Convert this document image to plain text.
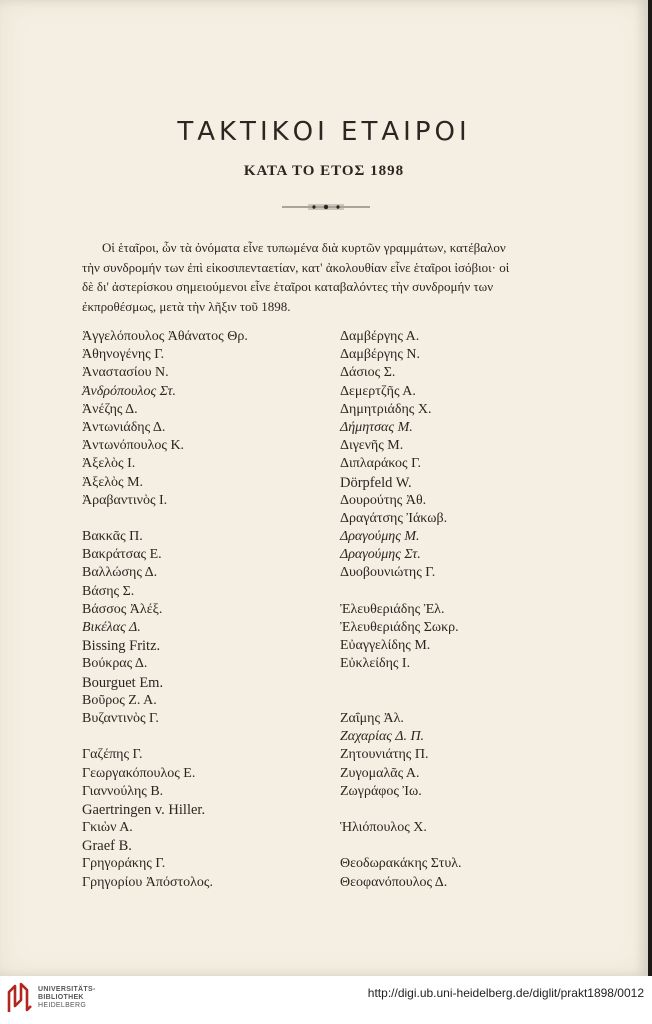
ΤΑΚΤΙΚΟΙ ΕΤΑΙΡΟΙ
ΚΑΤΑ ΤΟ ΕΤΟΣ 1898
Οἱ ἑταῖροι, ὧν τὰ ὀνόματα εἶνε τυπωμένα διὰ κυρτῶν γραμμάτων, κατέβαλον
τὴν συνδρομήν των ἐπὶ εἰκοσιπενταετίαν, κατ' ἀκολουθίαν εἶνε ἑταῖροι ἰσόβιοι· οἱ
δὲ δι' ἀστερίσκου σημειούμενοι εἶνε ἑταῖροι καταβαλόντες τὴν συνδρομήν των
ἐκπροθέσμως, μετὰ τὴν λῆξιν τοῦ 1898.
Ἀγγελόπουλος Ἀθάνατος Θρ.
Ἀθηνογένης Γ.
Ἀναστασίου Ν.
Ἀνδρόπουλος Στ.
Ἀνέζης Δ.
Ἀντωνιάδης Δ.
Ἀντωνόπουλος Κ.
Ἀξελὸς Ι.
Ἀξελὸς Μ.
Ἀραβαντινὸς Ι.
Βακκᾶς Π.
Βακράτσας Ε.
Βαλλώσης Δ.
Βάσης Σ.
Βάσσος Ἀλέξ.
Βικέλας Δ.
Bissing Fritz.
Βούκρας Δ.
Bourguet Em.
Βοῦρος Ζ. Α.
Βυζαντινὸς Γ.
Γαζέπης Γ.
Γεωργακόπουλος Ε.
Γιαννούλης Β.
Gaertringen v. Hiller.
Γκιὼν Α.
Graef B.
Γρηγοράκης Γ.
Γρηγορίου Ἀπόστολος.
Δαμβέργης Α.
Δαμβέργης Ν.
Δάσιος Σ.
Δεμερτζῆς Α.
Δημητριάδης Χ.
Δήμητσας Μ.
Διγενῆς Μ.
Διπλαράκος Γ.
Dörpfeld W.
Δουρούτης Ἀθ.
Δραγάτσης Ἰάκωβ.
Δραγούμης Μ.
Δραγούμης Στ.
Δυοβουνιώτης Γ.
Ἐλευθεριάδης Ἐλ.
Ἐλευθεριάδης Σωκρ.
Εὐαγγελίδης Μ.
Εὐκλείδης Ι.
Ζαΐμης Ἀλ.
Ζαχαρίας Δ. Π.
Ζητουνιάτης Π.
Ζυγομαλᾶς Α.
Ζωγράφος Ἰω.
Ἡλιόπουλος Χ.
Θεοδωρακάκης Στυλ.
Θεοφανόπουλος Δ.
UNIVERSITÄTS-
BIBLIOTHEK
HEIDELBERG
http://digi.ub.uni-heidelberg.de/diglit/prakt1898/0012
